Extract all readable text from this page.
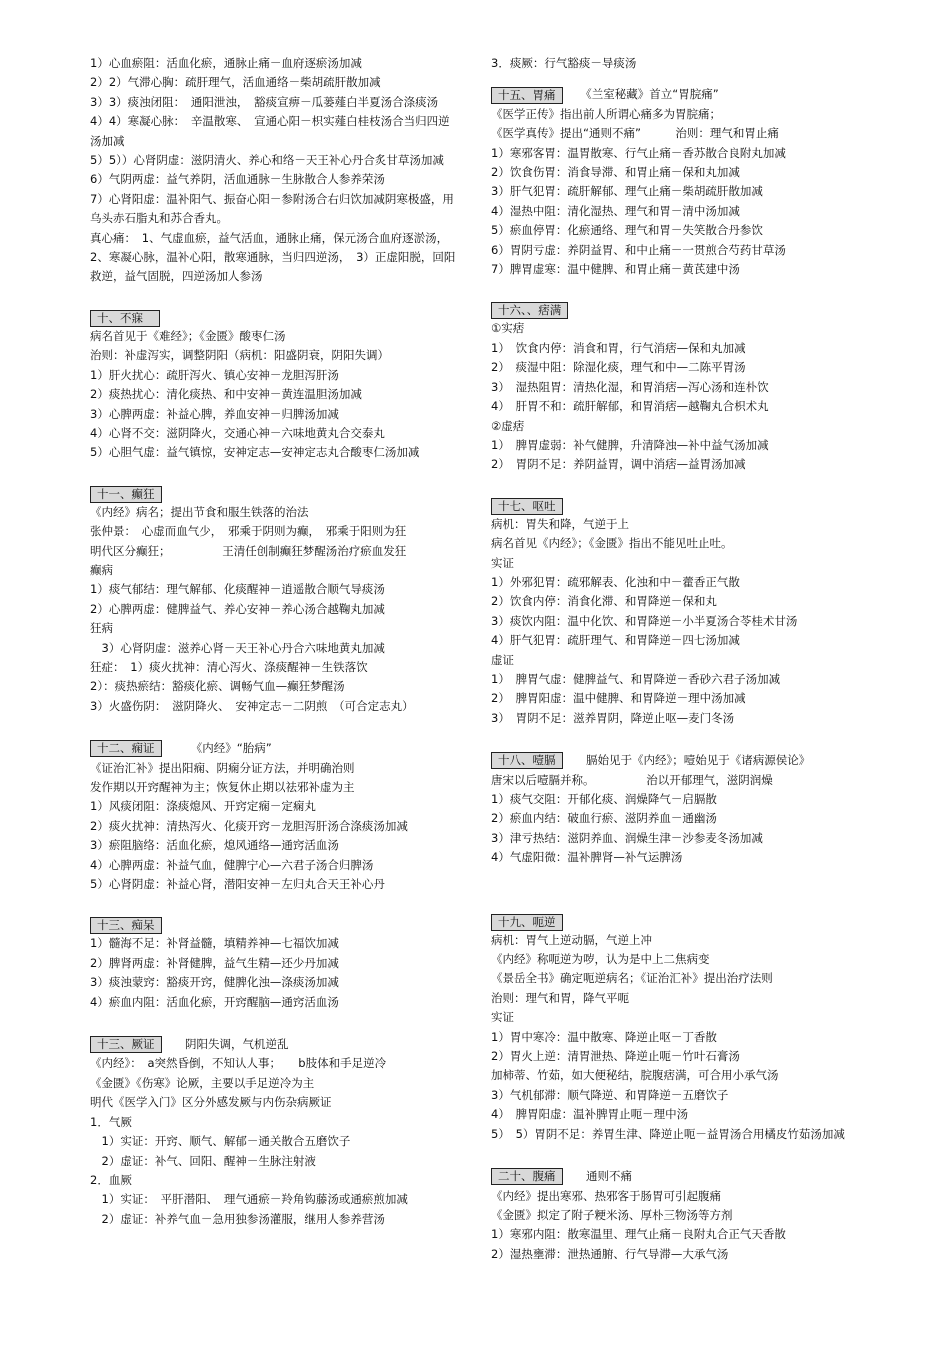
1）心血瘀阻：活血化瘀，通脉止痛－血府逐瘀汤加减

2）2）气滞心胸：疏肝理气，活血通络－柴胡疏肝散加减

3）3）痰浊闭阻：　通阳泄浊，　豁痰宣痹－瓜蒌薤白半夏汤合涤痰汤

4）4）寒凝心脉：　辛温散寒、　宣通心阳－枳实薤白桂枝汤合当归四逆汤加减

5）5））心肾阴虚：滋阴清火、养心和络－天王补心丹合炙甘草汤加减

6）气阴两虚：益气养阴，活血通脉－生脉散合人参养荣汤

7）心肾阳虚：温补阳气、振奋心阳－参附汤合右归饮加减阴寒极盛，用乌头赤石脂丸和苏合香丸。

真心痛：　1、气虚血瘀，益气活血，通脉止痛，保元汤合血府逐淤汤，　2、寒凝心脉，温补心阳，散寒通脉，当归四逆汤，　3）正虚阳脱，回阳救逆，益气固脱，四逆汤加人参汤

十、不寐

病名首见于《难经》；《金匮》酸枣仁汤

治则：补虚泻实，调整阴阳（病机：阳盛阴衰，阴阳失调）

1）肝火扰心：疏肝泻火、镇心安神－龙胆泻肝汤

2）痰热扰心：清化痰热、和中安神－黄连温胆汤加减

3）心脾两虚：补益心脾，养血安神－归脾汤加减

4）心肾不交：滋阴降火，交通心神－六味地黄丸合交泰丸

5）心胆气虚：益气镇惊，安神定志—安神定志丸合酸枣仁汤加减

十一、癫狂

《内经》病名；提出节食和服生铁落的治法

张仲景：　心虚而血气少，　邪乘于阴则为癫，　邪乘于阳则为狂

明代区分癫狂；　　　　　王清任创制癫狂梦醒汤治疗瘀血发狂

癫病

1）痰气郁结：理气解郁、化痰醒神－逍遥散合顺气导痰汤

2）心脾两虚：健脾益气、养心安神－养心汤合越鞠丸加减

狂病

　3）心肾阴虚：滋养心肾－天王补心丹合六味地黄丸加减

狂症：　1）痰火扰神：清心泻火、涤痰醒神－生铁落饮

2）：痰热瘀结：豁痰化瘀、调畅气血—癫狂梦醒汤

3）火盛伤阴：　滋阴降火、　安神定志－二阴煎　（可合定志丸）

十二、痫证	　　《内经》“胎病”

《证治汇补》提出阳痫、阴痫分证方法，并明确治则

发作期以开窍醒神为主；恢复休止期以祛邪补虚为主

1）风痰闭阻：涤痰熄风、开窍定痫－定痫丸

2）痰火扰神：清热泻火、化痰开窍－龙胆泻肝汤合涤痰汤加减

3）瘀阻脑络：活血化瘀，熄风通络—通窍活血汤

4）心脾两虚：补益气血，健脾宁心—六君子汤合归脾汤

5）心肾阴虚：补益心肾，潜阳安神－左归丸合天王补心丹

十三、痴呆

1）髓海不足：补肾益髓，填精养神—七福饮加减

2）脾肾两虚：补肾健脾，益气生精—还少丹加减

3）痰浊蒙窍：豁痰开窍，健脾化浊—涤痰汤加减

4）瘀血内阻：活血化瘀，开窍醒脑—通窍活血汤

十三、厥证	　阴阳失调，气机逆乱

《内经》：　a突然昏倒，不知认人事；　　b肢体和手足逆冷

《金匮》《伤寒》论厥，主要以手足逆冷为主

明代《医学入门》区分外感发厥与内伤杂病厥证

1．气厥

　1）实证：开窍、顺气、解郁－通关散合五磨饮子

　2）虚证：补气、回阳、醒神－生脉注射液

2．血厥

　1）实证：　平肝潜阳、　理气通瘀－羚角钩藤汤或通瘀煎加减

　2）虚证：补养气血－急用独参汤灌服，继用人参养营汤

3．痰厥：行气豁痰－导痰汤

十五、胃痛	　《兰室秘藏》首立“胃脘痛”

《医学正传》指出前人所谓心痛多为胃脘痛；

《医学真传》提出“通则不痛”　　　治则：理气和胃止痛

1）寒邪客胃：温胃散寒、行气止痛－香苏散合良附丸加减

2）饮食伤胃：消食导滞、和胃止痛－保和丸加减

3）肝气犯胃：疏肝解郁、理气止痛－柴胡疏肝散加减

4）湿热中阻：清化湿热、理气和胃－清中汤加减

5）瘀血停胃：化瘀通络、理气和胃－失笑散合丹参饮

6）胃阴亏虚：养阴益胃、和中止痛－一贯煎合芍药甘草汤

7）脾胃虚寒：温中健脾、和胃止痛－黄芪建中汤

十六、、痞满

①实痞

1）　饮食内停：消食和胃，行气消痞—保和丸加减

2）　痰湿中阻：除湿化痰，理气和中—二陈平胃汤

3）　湿热阻胃：清热化湿，和胃消痞—泻心汤和连朴饮

4）　肝胃不和：疏肝解郁，和胃消痞—越鞠丸合枳术丸

②虚痞

1）　脾胃虚弱：补气健脾，升清降浊—补中益气汤加减

2）　胃阴不足：养阴益胃，调中消痞—益胃汤加减

十七、呕吐

病机：胃失和降，气逆于上

病名首见《内经》；《金匮》指出不能见吐止吐。

实证

1）外邪犯胃：疏邪解表、化浊和中－藿香正气散

2）饮食内停：消食化滞、和胃降逆－保和丸

3）痰饮内阻：温中化饮、和胃降逆－小半夏汤合苓桂术甘汤

4）肝气犯胃：疏肝理气、和胃降逆－四七汤加减

虚证

1）　脾胃气虚：健脾益气、和胃降逆－香砂六君子汤加减

2）　脾胃阳虚：温中健脾、和胃降逆－理中汤加减

3）　胃阴不足：滋养胃阴，降逆止呕—麦门冬汤

十八、噎膈	　膈始见于《内经》；噎始见于《诸病源侯论》

唐宋以后噎膈并称。　　　　　治以开郁理气，滋阴润燥

1）痰气交阻：开郁化痰、润燥降气－启膈散

2）瘀血内结：破血行瘀、滋阴养血－通幽汤

3）津亏热结：滋阴养血、润燥生津－沙参麦冬汤加减

4）气虚阳微：温补脾肾—补气运脾汤

十九、呃逆

病机：胃气上逆动膈，气逆上冲

《内经》称呃逆为哕，认为是中上二焦病变

《景岳全书》确定呃逆病名；《证治汇补》提出治疗法则

治则：理气和胃，降气平呃

实证

1）胃中寒冷：温中散寒、降逆止呕－丁香散

2）胃火上逆：清胃泄热、降逆止呃－竹叶石膏汤

加柿蒂、竹茹，如大便秘结，脘腹痞满，可合用小承气汤

3）气机郁滞：顺气降逆、和胃降逆－五磨饮子

4）　脾胃阳虚：温补脾胃止呃－理中汤

5）　5）胃阴不足：养胃生津、降逆止呃－益胃汤合用橘皮竹茹汤加减

二十、腹痛	　通则不痛

《内经》提出寒邪、热邪客于肠胃可引起腹痛

《金匮》拟定了附子粳米汤、厚朴三物汤等方剂

1）寒邪内阻：散寒温里、理气止痛－良附丸合正气天香散

2）湿热壅滞：泄热通腑、行气导滞—大承气汤
